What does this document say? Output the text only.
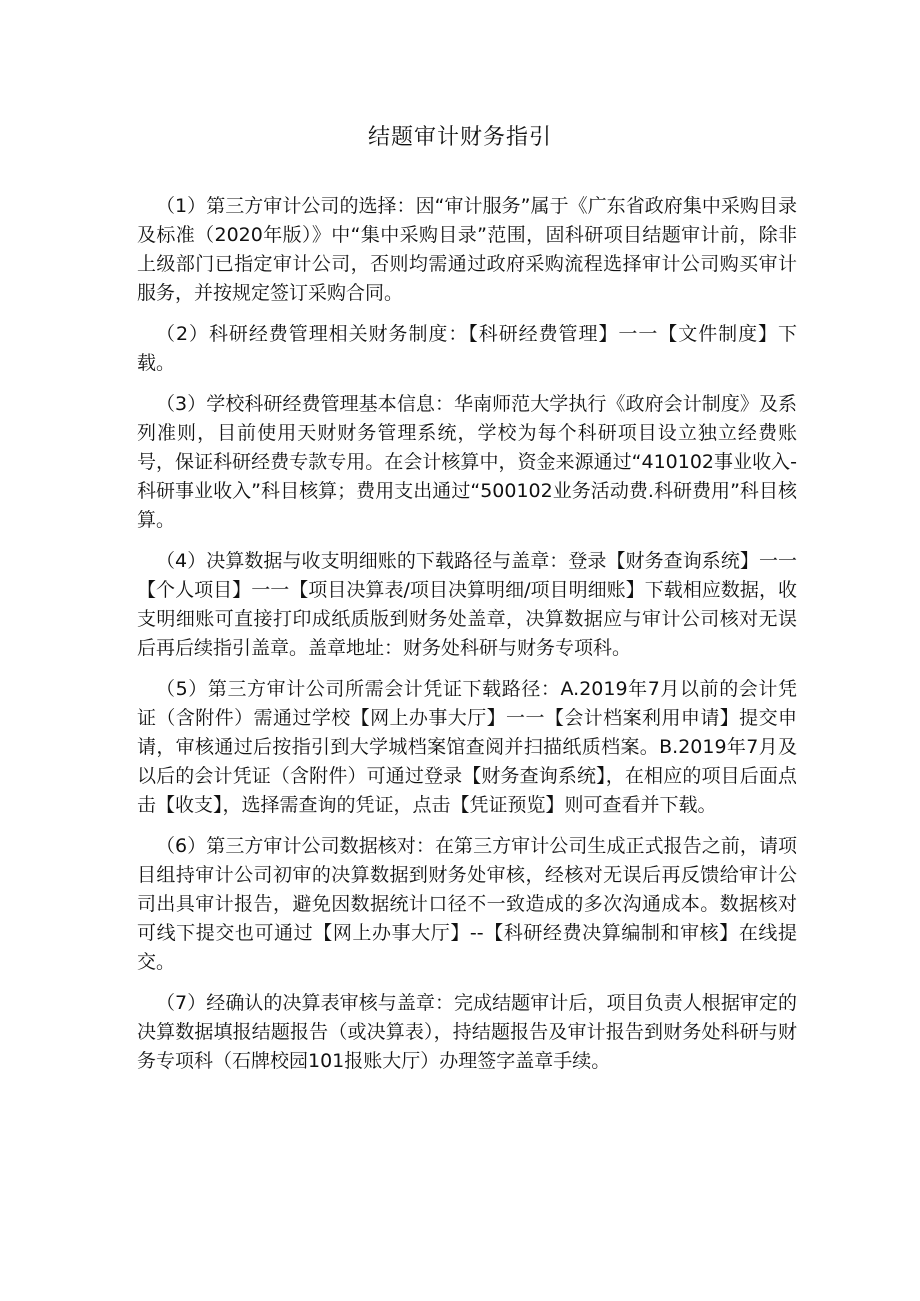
结题审计财务指引

（1）第三方审计公司的选择：因“审计服务”属于《广东省政府集中采购目录及标准（2020年版）》中“集中采购目录”范围，固科研项目结题审计前，除非上级部门已指定审计公司，否则均需通过政府采购流程选择审计公司购买审计服务，并按规定签订采购合同。

（2）科研经费管理相关财务制度：【科研经费管理】一一【文件制度】下载。

（3）学校科研经费管理基本信息：华南师范大学执行《政府会计制度》及系列准则，目前使用天财财务管理系统，学校为每个科研项目设立独立经费账号，保证科研经费专款专用。在会计核算中，资金来源通过“410102事业收入-科研事业收入”科目核算；费用支出通过“500102业务活动费.科研费用”科目核算。

（4）决算数据与收支明细账的下载路径与盖章：登录【财务查询系统】一一【个人项目】一一【项目决算表/项目决算明细/项目明细账】下载相应数据，收支明细账可直接打印成纸质版到财务处盖章，决算数据应与审计公司核对无误后再后续指引盖章。盖章地址：财务处科研与财务专项科。

（5）第三方审计公司所需会计凭证下载路径：A.2019年7月以前的会计凭证（含附件）需通过学校【网上办事大厅】一一【会计档案利用申请】提交申请，审核通过后按指引到大学城档案馆查阅并扫描纸质档案。B.2019年7月及以后的会计凭证（含附件）可通过登录【财务查询系统】，在相应的项目后面点击【收支】，选择需查询的凭证，点击【凭证预览】则可查看并下载。

（6）第三方审计公司数据核对：在第三方审计公司生成正式报告之前，请项目组持审计公司初审的决算数据到财务处审核，经核对无误后再反馈给审计公司出具审计报告，避免因数据统计口径不一致造成的多次沟通成本。数据核对可线下提交也可通过【网上办事大厅】--【科研经费决算编制和审核】在线提交。

（7）经确认的决算表审核与盖章：完成结题审计后，项目负责人根据审定的决算数据填报结题报告（或决算表），持结题报告及审计报告到财务处科研与财务专项科（石牌校园101报账大厅）办理签字盖章手续。
